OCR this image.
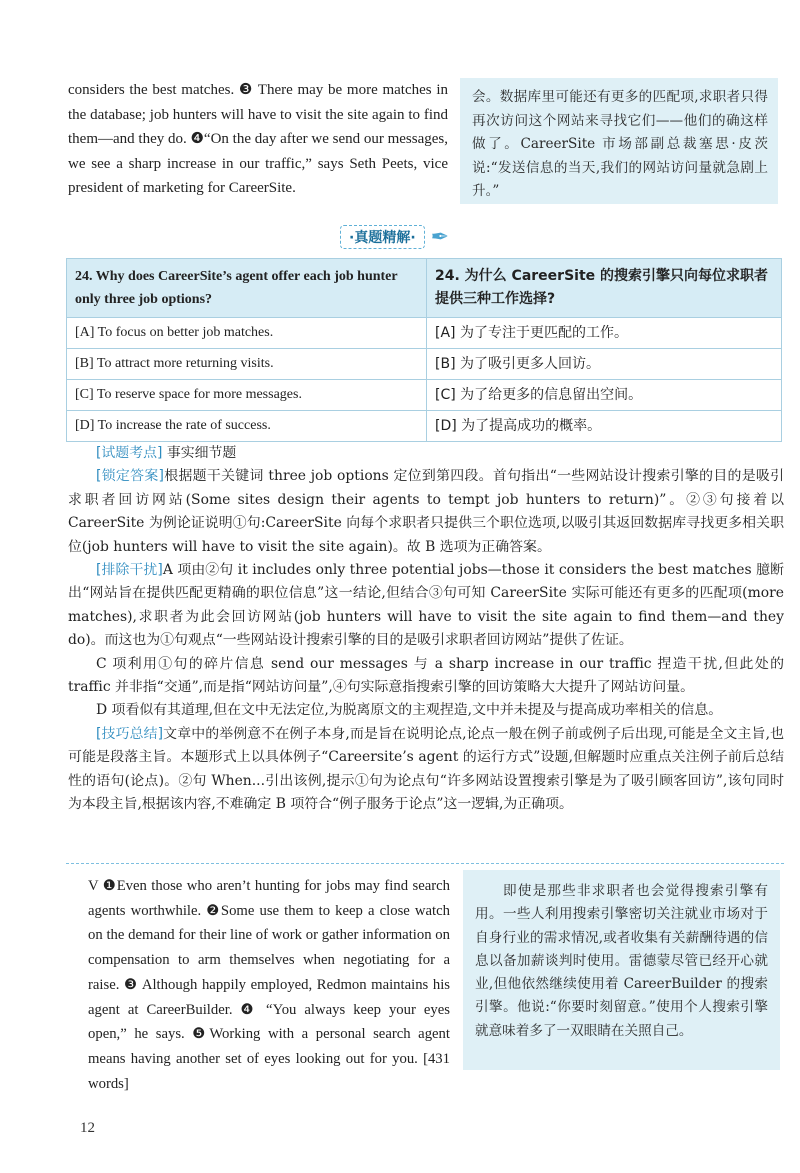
considers the best matches. ❸ There may be more matches in the database; job hunters will have to visit the site again to find them—and they do. ❹“On the day after we send our messages, we see a sharp increase in our traffic,” says Seth Peets, vice president of marketing for CareerSite.

会。数据库里可能还有更多的匹配项,求职者只得再次访问这个网站来寻找它们——他们的确这样做了。CareerSite 市场部副总裁塞思·皮茨说:“发送信息的当天,我们的网站访问量就急剧上升。”
·真题精解· ✒
24. Why does CareerSite’s agent offer each job hunter only three job options?	24. 为什么 CareerSite 的搜索引擎只向每位求职者提供三种工作选择?
[A] To focus on better job matches.	[A] 为了专注于更匹配的工作。
[B] To attract more returning visits.	[B] 为了吸引更多人回访。
[C] To reserve space for more messages.	[C] 为了给更多的信息留出空间。
[D] To increase the rate of success.	[D] 为了提高成功的概率。

[试题考点] 事实细节题

[锁定答案]根据题干关键词 three job options 定位到第四段。首句指出“一些网站设计搜索引擎的目的是吸引求职者回访网站(Some sites design their agents to tempt job hunters to return)”。②③句接着以 CareerSite 为例论证说明①句:CareerSite 向每个求职者只提供三个职位选项,以吸引其返回数据库寻找更多相关职位(job hunters will have to visit the site again)。故 B 选项为正确答案。

[排除干扰]A 项由②句 it includes only three potential jobs—those it considers the best matches 臆断出“网站旨在提供匹配更精确的职位信息”这一结论,但结合③句可知 CareerSite 实际可能还有更多的匹配项(more matches),求职者为此会回访网站(job hunters will have to visit the site again to find them—and they do)。而这也为①句观点“一些网站设计搜索引擎的目的是吸引求职者回访网站”提供了佐证。

C 项利用①句的碎片信息 send our messages 与 a sharp increase in our traffic 捏造干扰,但此处的 traffic 并非指“交通”,而是指“网站访问量”,④句实际意指搜索引擎的回访策略大大提升了网站访问量。

D 项看似有其道理,但在文中无法定位,为脱离原文的主观捏造,文中并未提及与提高成功率相关的信息。

[技巧总结]文章中的举例意不在例子本身,而是旨在说明论点,论点一般在例子前或例子后出现,可能是全文主旨,也可能是段落主旨。本题形式上以具体例子“Careersite’s agent 的运行方式”设题,但解题时应重点关注例子前后总结性的语句(论点)。②句 When...引出该例,提示①句为论点句“许多网站设置搜索引擎是为了吸引顾客回访”,该句同时为本段主旨,根据该内容,不难确定 B 项符合“例子服务于论点”这一逻辑,为正确项。

V ❶Even those who aren’t hunting for jobs may find search agents worthwhile. ❷Some use them to keep a close watch on the demand for their line of work or gather information on compensation to arm themselves when negotiating for a raise. ❸ Although happily employed, Redmon maintains his agent at CareerBuilder. ❹ “You always keep your eyes open,” he says. ❺Working with a personal search agent means having another set of eyes looking out for you. [431 words]

即使是那些非求职者也会觉得搜索引擎有用。一些人利用搜索引擎密切关注就业市场对于自身行业的需求情况,或者收集有关薪酬待遇的信息以备加薪谈判时使用。雷德蒙尽管已经开心就业,但他依然继续使用着 CareerBuilder 的搜索引擎。他说:“你要时刻留意。”使用个人搜索引擎就意味着多了一双眼睛在关照自己。
12
